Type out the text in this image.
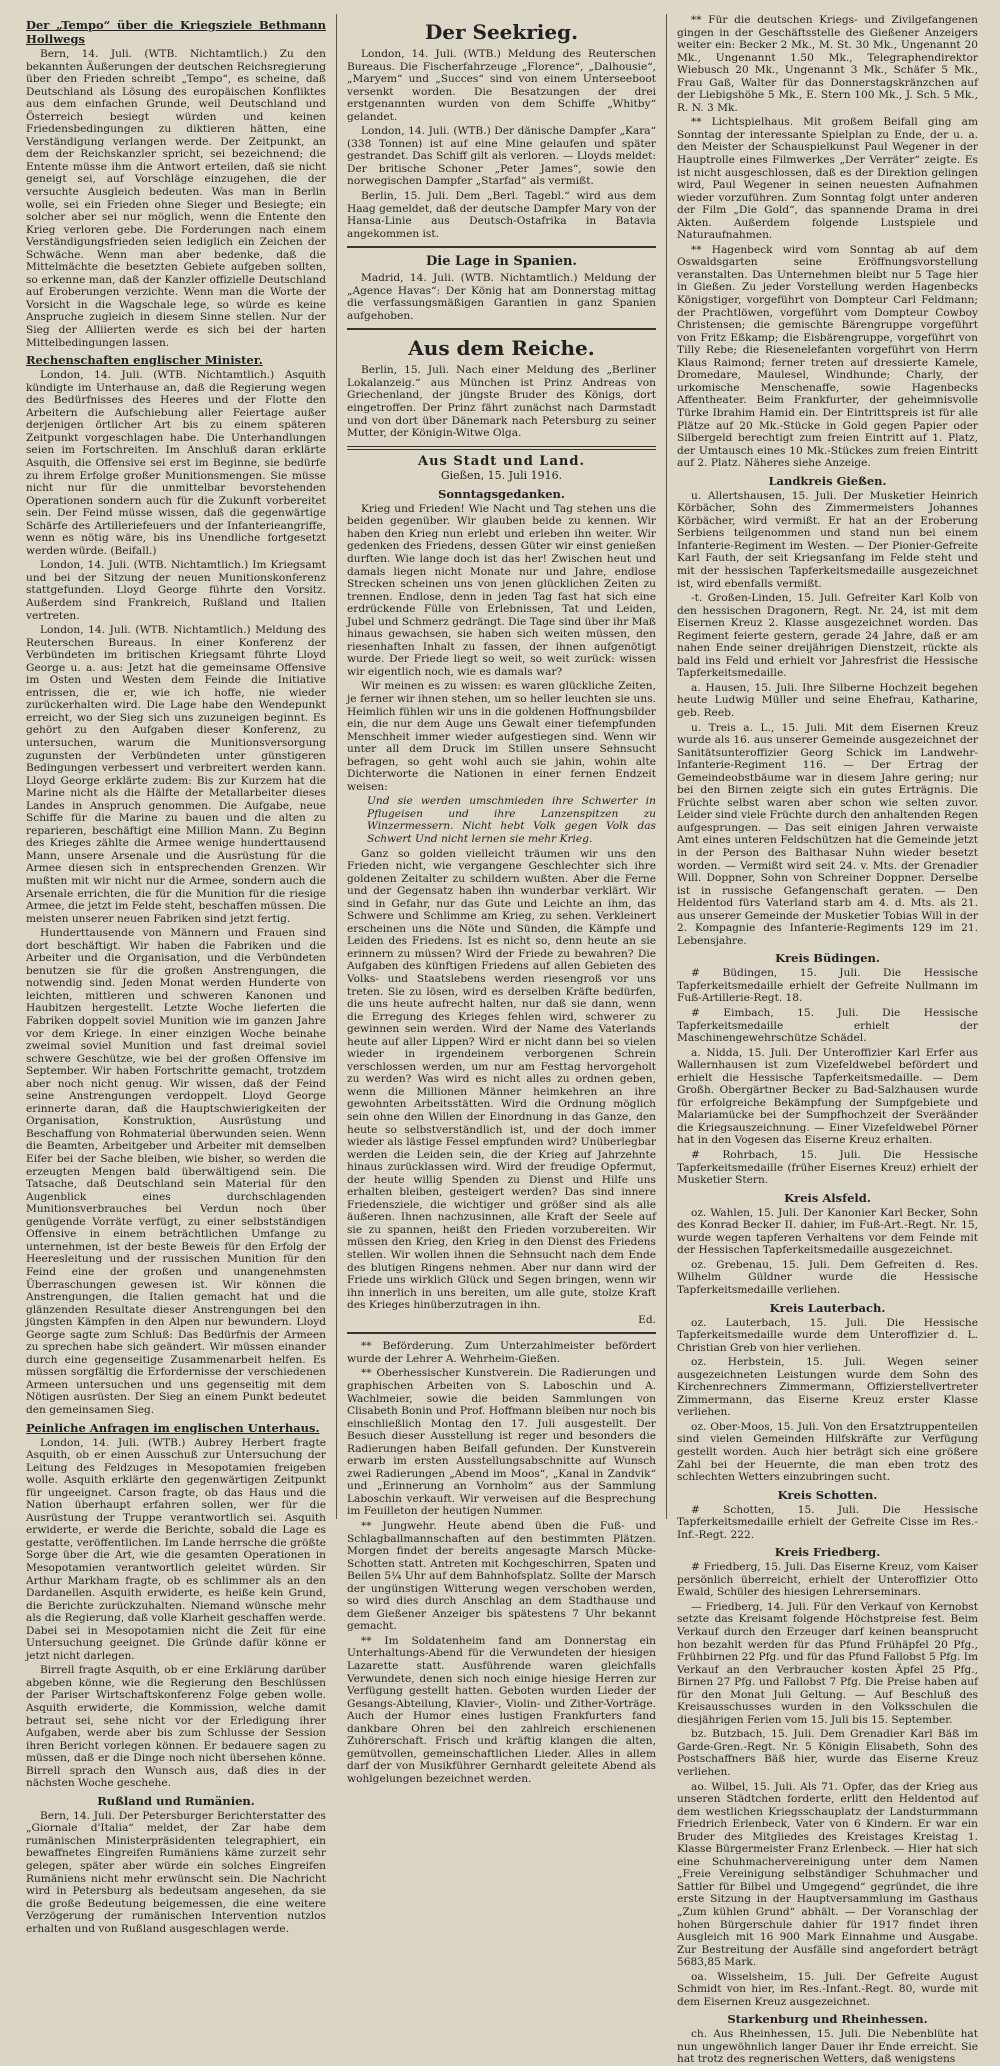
Der „Tempo“ über die Kriegsziele Bethmann Hollwegs

Bern, 14. Juli. (WTB. Nichtamtlich.) Zu den bekannten Äußerungen der deutschen Reichsregierung über den Frieden schreibt „Tempo“, es scheine, daß Deutschland als Lösung des europäischen Konfliktes aus dem einfachen Grunde, weil Deutschland und Österreich besiegt würden und keinen Friedensbedingungen zu diktieren hätten, eine Verständigung verlangen werde. Der Zeitpunkt, an dem der Reichskanzler spricht, sei bezeichnend; die Entente müsse ihm die Antwort erteilen, daß sie nicht geneigt sei, auf Vorschläge einzugehen, die der versuchte Ausgleich bedeuten. Was man in Berlin wolle, sei ein Frieden ohne Sieger und Besiegte; ein solcher aber sei nur möglich, wenn die Entente den Krieg verloren gebe. Die Forderungen nach einem Verständigungsfrieden seien lediglich ein Zeichen der Schwäche. Wenn man aber bedenke, daß die Mittelmächte die besetzten Gebiete aufgeben sollten, so erkenne man, daß der Kanzler offizielle Deutschland auf Eroberungen verzichte. Wenn man die Worte der Vorsicht in die Wagschale lege, so würde es keine Anspruche zugleich in diesem Sinne stellen. Nur der Sieg der Alliierten werde es sich bei der harten Mittelbedingungen lassen.

Rechenschaften englischer Minister.

London, 14. Juli. (WTB. Nichtamtlich.) Asquith kündigte im Unterhause an, daß die Regierung wegen des Bedürfnisses des Heeres und der Flotte den Arbeitern die Aufschiebung aller Feiertage außer derjenigen örtlicher Art bis zu einem späteren Zeitpunkt vorgeschlagen habe. Die Unterhandlungen seien im Fortschreiten. Im Anschluß daran erklärte Asquith, die Offensive sei erst im Beginne, sie bedürfe zu ihrem Erfolge großer Munitionsmengen. Sie müsse nicht nur für die unmittelbar bevorstehenden Operationen sondern auch für die Zukunft vorbereitet sein. Der Feind müsse wissen, daß die gegenwärtige Schärfe des Artilleriefeuers und der Infanterieangriffe, wenn es nötig wäre, bis ins Unendliche fortgesetzt werden würde. (Beifall.)

London, 14. Juli. (WTB. Nichtamtlich.) Im Kriegsamt und bei der Sitzung der neuen Munitionskonferenz stattgefunden. Lloyd George führte den Vorsitz. Außerdem sind Frankreich, Rußland und Italien vertreten.

London, 14. Juli. (WTB. Nichtamtlich.) Meldung des Reuterschen Bureaus. In einer Konferenz der Verbündeten im britischen Kriegsamt führte Lloyd George u. a. aus: Jetzt hat die gemeinsame Offensive im Osten und Westen dem Feinde die Initiative entrissen, die er, wie ich hoffe, nie wieder zurückerhalten wird. Die Lage habe den Wendepunkt erreicht, wo der Sieg sich uns zuzuneigen beginnt. Es gehört zu den Aufgaben dieser Konferenz, zu untersuchen, warum die Munitionsversorgung zugunsten der Verbündeten unter günstigeren Bedingungen verbessert und verbreitert werden kann. Lloyd George erklärte zudem: Bis zur Kurzem hat die Marine nicht als die Hälfte der Metallarbeiter dieses Landes in Anspruch genommen. Die Aufgabe, neue Schiffe für die Marine zu bauen und die alten zu reparieren, beschäftigt eine Million Mann. Zu Beginn des Krieges zählte die Armee wenige hunderttausend Mann, unsere Arsenale und die Ausrüstung für die Armee diesen sich in entsprechenden Grenzen. Wir mußten mit wir nicht nur die Armee, sondern auch die Arsenale errichten, die für die Munition für die riesige Armee, die jetzt im Felde steht, beschaffen müssen. Die meisten unserer neuen Fabriken sind jetzt fertig.

Hunderttausende von Männern und Frauen sind dort beschäftigt. Wir haben die Fabriken und die Arbeiter und die Organisation, und die Verbündeten benutzen sie für die großen Anstrengungen, die notwendig sind. Jeden Monat werden Hunderte von leichten, mittleren und schweren Kanonen und Haubitzen hergestellt. Letzte Woche lieferten die Fabriken doppelt soviel Munition wie im ganzen Jahre vor dem Kriege. In einer einzigen Woche beinahe zweimal soviel Munition und fast dreimal soviel schwere Geschütze, wie bei der großen Offensive im September. Wir haben Fortschritte gemacht, trotzdem aber noch nicht genug. Wir wissen, daß der Feind seine Anstrengungen verdoppelt. Lloyd George erinnerte daran, daß die Hauptschwierigkeiten der Organisation, Konstruktion, Ausrüstung und Beschaffung von Rohmaterial überwunden seien. Wenn die Beamten, Arbeitgeber und Arbeiter mit demselben Eifer bei der Sache bleiben, wie bisher, so werden die erzeugten Mengen bald überwältigend sein. Die Tatsache, daß Deutschland sein Material für den Augenblick eines durchschlagenden Munitionsverbrauches bei Verdun noch über genügende Vorräte verfügt, zu einer selbstständigen Offensive in einem beträchtlichen Umfange zu unternehmen, ist der beste Beweis für den Erfolg der Heeresleitung und der russischen Munition für den Feind eine der großen und unangenehmsten Überraschungen gewesen ist. Wir können die Anstrengungen, die Italien gemacht hat und die glänzenden Resultate dieser Anstrengungen bei den jüngsten Kämpfen in den Alpen nur bewundern. Lloyd George sagte zum Schluß: Das Bedürfnis der Armeen zu sprechen habe sich geändert. Wir müssen einander durch eine gegenseitige Zusammenarbeit helfen. Es müssen sorgfältig die Erfordernisse der verschiedenen Armeen untersuchen und uns gegenseitig mit dem Nötigen ausrüsten. Der Sieg an einem Punkt bedeutet den gemeinsamen Sieg.

Peinliche Anfragen im englischen Unterhaus.

London, 14. Juli. (WTB.) Aubrey Herbert fragte Asquith, ob er einen Ausschuß zur Untersuchung der Leitung des Feldzuges in Mesopotamien freigeben wolle. Asquith erklärte den gegenwärtigen Zeitpunkt für ungeeignet. Carson fragte, ob das Haus und die Nation überhaupt erfahren sollen, wer für die Ausrüstung der Truppe verantwortlich sei. Asquith erwiderte, er werde die Berichte, sobald die Lage es gestatte, veröffentlichen. Im Lande herrsche die größte Sorge über die Art, wie die gesamten Operationen in Mesopotamien verantwortlich geleitet würden. Sir Arthur Markham fragte, ob es schlimmer als an den Dardanellen. Asquith erwiderte, es heiße kein Grund, die Berichte zurückzuhalten. Niemand wünsche mehr als die Regierung, daß volle Klarheit geschaffen werde. Dabei sei in Mesopotamien nicht die Zeit für eine Untersuchung geeignet. Die Gründe dafür könne er jetzt nicht darlegen.

Birrell fragte Asquith, ob er eine Erklärung darüber abgeben könne, wie die Regierung den Beschlüssen der Pariser Wirtschaftskonferenz Folge geben wolle. Asquith erwiderte, die Kommission, welche damit betraut sei, sehe nicht vor der Erledigung ihrer Aufgaben, werde aber bis zum Schlusse der Session ihren Bericht vorlegen können. Er bedauere sagen zu müssen, daß er die Dinge noch nicht übersehen könne. Birrell sprach den Wunsch aus, daß dies in der nächsten Woche geschehe.

Rußland und Rumänien.

Bern, 14. Juli. Der Petersburger Berichterstatter des „Giornale d'Italia“ meldet, der Zar habe dem rumänischen Ministerpräsidenten telegraphiert, ein bewaffnetes Eingreifen Rumäniens käme zurzeit sehr gelegen, später aber würde ein solches Eingreifen Rumäniens nicht mehr erwünscht sein. Die Nachricht wird in Petersburg als bedeutsam angesehen, da sie die große Bedeutung beigemessen, die eine weitere Verzögerung der rumänischen Intervention nutzlos erhalten und von Rußland ausgeschlagen werde.

Der Seekrieg.

London, 14. Juli. (WTB.) Meldung des Reuterschen Bureaus. Die Fischerfahrzeuge „Florence“, „Dalhousie“, „Maryem“ und „Succes“ sind von einem Unterseeboot versenkt worden. Die Besatzungen der drei erstgenannten wurden von dem Schiffe „Whitby“ gelandet.

London, 14. Juli. (WTB.) Der dänische Dampfer „Kara“ (338 Tonnen) ist auf eine Mine gelaufen und später gestrandet. Das Schiff gilt als verloren. — Lloyds meldet: Der britische Schoner „Peter James“, sowie den norwegischen Dampfer „Starfad“ als vermißt.

Berlin, 15. Juli. Dem „Berl. Tagebl.“ wird aus dem Haag gemeldet, daß der deutsche Dampfer Mary von der Hansa-Linie aus Deutsch-Ostafrika in Batavia angekommen ist.

Die Lage in Spanien.

Madrid, 14. Juli. (WTB. Nichtamtlich.) Meldung der „Agence Havas“: Der König hat am Donnerstag mittag die verfassungsmäßigen Garantien in ganz Spanien aufgehoben.

Aus dem Reiche.

Berlin, 15. Juli. Nach einer Meldung des „Berliner Lokalanzeig.“ aus München ist Prinz Andreas von Griechenland, der jüngste Bruder des Königs, dort eingetroffen. Der Prinz fährt zunächst nach Darmstadt und von dort über Dänemark nach Petersburg zu seiner Mutter, der Königin-Witwe Olga.

Aus Stadt und Land.
Gießen, 15. Juli 1916.
Sonntagsgedanken.

Krieg und Frieden! Wie Nacht und Tag stehen uns die beiden gegenüber. Wir glauben beide zu kennen. Wir haben den Krieg nun erlebt und erleben ihn weiter. Wir gedenken des Friedens, dessen Güter wir einst genießen durften. Wie lange doch ist das her! Zwischen heut und damals liegen nicht Monate nur und Jahre, endlose Strecken scheinen uns von jenen glücklichen Zeiten zu trennen. Endlose, denn in jeden Tag fast hat sich eine erdrückende Fülle von Erlebnissen, Tat und Leiden, Jubel und Schmerz gedrängt. Die Tage sind über ihr Maß hinaus gewachsen, sie haben sich weiten müssen, den riesenhaften Inhalt zu fassen, der ihnen aufgenötigt wurde. Der Friede liegt so weit, so weit zurück: wissen wir eigentlich noch, wie es damals war?

Wir meinen es zu wissen: es waren glückliche Zeiten, je ferner wir ihnen stehen, um so heller leuchten sie uns. Heimlich fühlen wir uns in die goldenen Hoffnungsbilder ein, die nur dem Auge uns Gewalt einer tiefempfunden Menschheit immer wieder aufgestiegen sind. Wenn wir unter all dem Druck im Stillen unsere Sehnsucht befragen, so geht wohl auch sie jahin, wohin alte Dichterworte die Nationen in einer fernen Endzeit weisen:

Und sie werden umschmieden ihre Schwerter in Pflugeisen und ihre Lanzenspitzen zu Winzermessern. Nicht hebt Volk gegen Volk das Schwert Und nicht lernen sie mehr Krieg.

Ganz so golden vielleicht träumen wir uns den Frieden nicht, wie vergangene Geschlechter sich ihre goldenen Zeitalter zu schildern wußten. Aber die Ferne und der Gegensatz haben ihn wunderbar verklärt. Wir sind in Gefahr, nur das Gute und Leichte an ihm, das Schwere und Schlimme am Krieg, zu sehen. Verkleinert erscheinen uns die Nöte und Sünden, die Kämpfe und Leiden des Friedens. Ist es nicht so, denn heute an sie erinnern zu müssen? Wird der Friede zu bewahren? Die Aufgaben des künftigen Friedens auf allen Gebieten des Volks- und Staatslebens werden riesengroß vor uns treten. Sie zu lösen, wird es derselben Kräfte bedürfen, die uns heute aufrecht halten, nur daß sie dann, wenn die Erregung des Krieges fehlen wird, schwerer zu gewinnen sein werden. Wird der Name des Vaterlands heute auf aller Lippen? Wird er nicht dann bei so vielen wieder in irgendeinem verborgenen Schrein verschlossen werden, um nur am Festtag hervorgeholt zu werden? Was wird es nicht alles zu ordnen geben, wenn die Millionen Männer heimkehren an ihre gewohnten Arbeitsstätten. Wird die Ordnung möglich sein ohne den Willen der Einordnung in das Ganze, den heute so selbstverständlich ist, und der doch immer wieder als lästige Fessel empfunden wird? Unüberlegbar werden die Leiden sein, die der Krieg auf Jahrzehnte hinaus zurücklassen wird. Wird der freudige Opfermut, der heute willig Spenden zu Dienst und Hilfe uns erhalten bleiben, gesteigert werden? Das sind innere Friedensziele, die wichtiger und größer sind als alle äußeren. Ihnen nachzusinnen, alle Kraft der Seele auf sie zu spannen, heißt den Frieden vorzubereiten. Wir müssen den Krieg, den Krieg in den Dienst des Friedens stellen. Wir wollen ihnen die Sehnsucht nach dem Ende des blutigen Ringens nehmen. Aber nur dann wird der Friede uns wirklich Glück und Segen bringen, wenn wir ihn innerlich in uns bereiten, um alle gute, stolze Kraft des Krieges hinüberzutragen in ihn.

Ed.

** Beförderung. Zum Unterzahlmeister befördert wurde der Lehrer A. Wehrheim-Gießen.

** Oberhessischer Kunstverein. Die Radierungen und graphischen Arbeiten von S. Laboschin und A. Wachlmeier, sowie die beiden Sammlungen von Clisabeth Bonin und Prof. Hoffmann bleiben nur noch bis einschließlich Montag den 17. Juli ausgestellt. Der Besuch dieser Ausstellung ist reger und besonders die Radierungen haben Beifall gefunden. Der Kunstverein erwarb im ersten Ausstellungsabschnitte auf Wunsch zwei Radierungen „Abend im Moos“, „Kanal in Zandvik“ und „Erinnerung an Vornholm“ aus der Sammlung Laboschin verkauft. Wir verweisen auf die Besprechung im Feuilleton der heutigen Nummer.

** Jungwehr. Heute abend üben die Fuß- und Schlagballmannschaften auf den bestimmten Plätzen. Morgen findet der bereits angesagte Marsch Mücke-Schotten statt. Antreten mit Kochgeschirren, Spaten und Beilen 5¼ Uhr auf dem Bahnhofsplatz. Sollte der Marsch der ungünstigen Witterung wegen verschoben werden, so wird dies durch Anschlag an dem Stadthause und dem Gießener Anzeiger bis spätestens 7 Uhr bekannt gemacht.

** Im Soldatenheim fand am Donnerstag ein Unterhaltungs-Abend für die Verwundeten der hiesigen Lazarette statt. Ausführende waren gleichfalls Verwundete, denen sich noch einige hiesige Herren zur Verfügung gestellt hatten. Geboten wurden Lieder der Gesangs-Abteilung, Klavier-, Violin- und Zither-Vorträge. Auch der Humor eines lustigen Frankfurters fand dankbare Ohren bei den zahlreich erschienenen Zuhörerschaft. Frisch und kräftig klangen die alten, gemütvollen, gemeinschaftlichen Lieder. Alles in allem darf der von Musikführer Gernhardt geleitete Abend als wohlgelungen bezeichnet werden.

** Für die deutschen Kriegs- und Zivilgefangenen gingen in der Geschäftsstelle des Gießener Anzeigers weiter ein: Becker 2 Mk., M. St. 30 Mk., Ungenannt 20 Mk., Ungenannt 1.50 Mk., Telegraphendirektor Wiebusch 20 Mk., Ungenannt 3 Mk., Schäfer 5 Mk., Frau Gaß, Walter für das Donnerstagskränzchen auf der Liebigshöhe 5 Mk., E. Stern 100 Mk., J. Sch. 5 Mk., R. N. 3 Mk.

** Lichtspielhaus. Mit großem Beifall ging am Sonntag der interessante Spielplan zu Ende, der u. a. den Meister der Schauspielkunst Paul Wegener in der Hauptrolle eines Filmwerkes „Der Verräter“ zeigte. Es ist nicht ausgeschlossen, daß es der Direktion gelingen wird, Paul Wegener in seinen neuesten Aufnahmen wieder vorzuführen. Zum Sonntag folgt unter anderen der Film „Die Gold“, das spannende Drama in drei Akten. Außerdem folgende Lustspiele und Naturaufnahmen.

** Hagenbeck wird vom Sonntag ab auf dem Oswaldsgarten seine Eröffnungsvorstellung veranstalten. Das Unternehmen bleibt nur 5 Tage hier in Gießen. Zu jeder Vorstellung werden Hagenbecks Königstiger, vorgeführt von Dompteur Carl Feldmann; der Prachtlöwen, vorgeführt vom Dompteur Cowboy Christensen; die gemischte Bärengruppe vorgeführt von Fritz Eßkamp; die Eisbärengruppe, vorgeführt von Tilly Rebe; die Riesenelefanten vorgeführt von Herrn Klaus Raimond; ferner treten auf dressierte Kamele, Dromedare, Maulesel, Windhunde; Charly, der urkomische Menschenaffe, sowie Hagenbecks Affentheater. Beim Frankfurter, der geheimnisvolle Türke Ibrahim Hamid ein. Der Eintrittspreis ist für alle Plätze auf 20 Mk.-Stücke in Gold gegen Papier oder Silbergeld berechtigt zum freien Eintritt auf 1. Platz, der Umtausch eines 10 Mk.-Stückes zum freien Eintritt auf 2. Platz. Näheres siehe Anzeige.

Landkreis Gießen.

u. Allertshausen, 15. Juli. Der Musketier Heinrich Körbächer, Sohn des Zimmermeisters Johannes Körbächer, wird vermißt. Er hat an der Eroberung Serbiens teilgenommen und stand nun bei einem Infanterie-Regiment im Westen. — Der Pionier-Gefreite Karl Fauth, der seit Kriegsanfang im Felde steht und mit der hessischen Tapferkeitsmedaille ausgezeichnet ist, wird ebenfalls vermißt.

-t. Großen-Linden, 15. Juli. Gefreiter Karl Kolb von den hessischen Dragonern, Regt. Nr. 24, ist mit dem Eisernen Kreuz 2. Klasse ausgezeichnet worden. Das Regiment feierte gestern, gerade 24 Jahre, daß er am nahen Ende seiner dreijährigen Dienstzeit, rückte als bald ins Feld und erhielt vor Jahresfrist die Hessische Tapferkeitsmedaille.

a. Hausen, 15. Juli. Ihre Silberne Hochzeit begehen heute Ludwig Müller und seine Ehefrau, Katharine, geb. Reeb.

u. Treis a. L., 15. Juli. Mit dem Eisernen Kreuz wurde als 16. aus unserer Gemeinde ausgezeichnet der Sanitätsunteroffizier Georg Schick im Landwehr-Infanterie-Regiment 116. — Der Ertrag der Gemeindeobstbäume war in diesem Jahre gering; nur bei den Birnen zeigte sich ein gutes Erträgnis. Die Früchte selbst waren aber schon wie selten zuvor. Leider sind viele Früchte durch den anhaltenden Regen aufgesprungen. — Das seit einigen Jahren verwaiste Amt eines unteren Feldschützen hat die Gemeinde jetzt in der Person des Balthasar Nuhn wieder besetzt worden. — Vermißt wird seit 24. v. Mts. der Grenadier Will. Doppner, Sohn von Schreiner Doppner. Derselbe ist in russische Gefangenschaft geraten. — Den Heldentod fürs Vaterland starb am 4. d. Mts. als 21. aus unserer Gemeinde der Musketier Tobias Will in der 2. Kompagnie des Infanterie-Regiments 129 im 21. Lebensjahre.

Kreis Büdingen.

# Büdingen, 15. Juli. Die Hessische Tapferkeitsmedaille erhielt der Gefreite Nullmann im Fuß-Artillerie-Regt. 18.

# Eimbach, 15. Juli. Die Hessische Tapferkeitsmedaille erhielt der Maschinengewehrschütze Schädel.

a. Nidda, 15. Juli. Der Unteroffizier Karl Erfer aus Wallernhausen ist zum Vizefeldwebel befördert und erhielt die Hessische Tapferkeitsmedaille. — Dem Großh. Obergärtner Becker zu Bad-Salzhausen wurde für erfolgreiche Bekämpfung der Sumpfgebiete und Malariamücke bei der Sumpfhochzeit der Sveräänder die Kriegsauszeichnung. — Einer Vizefeldwebel Pörner hat in den Vogesen das Eiserne Kreuz erhalten.

# Rohrbach, 15. Juli. Die Hessische Tapferkeitsmedaille (früher Eisernes Kreuz) erhielt der Musketier Stern.

Kreis Alsfeld.

oz. Wahlen, 15. Juli. Der Kanonier Karl Becker, Sohn des Konrad Becker II. dahier, im Fuß-Art.-Regt. Nr. 15, wurde wegen tapferen Verhaltens vor dem Feinde mit der Hessischen Tapferkeitsmedaille ausgezeichnet.

oz. Grebenau, 15. Juli. Dem Gefreiten d. Res. Wilhelm Güldner wurde die Hessische Tapferkeitsmedaille verliehen.

Kreis Lauterbach.

oz. Lauterbach, 15. Juli. Die Hessische Tapferkeitsmedaille wurde dem Unteroffizier d. L. Christian Greb von hier verliehen.

oz. Herbstein, 15. Juli. Wegen seiner ausgezeichneten Leistungen wurde dem Sohn des Kirchenrechners Zimmermann, Offizierstellvertreter Zimmermann, das Eiserne Kreuz erster Klasse verliehen.

oz. Ober-Moos, 15. Juli. Von den Ersatztruppenteilen sind vielen Gemeinden Hilfskräfte zur Verfügung gestellt worden. Auch hier beträgt sich eine größere Zahl bei der Heuernte, die man eben trotz des schlechten Wetters einzubringen sucht.

Kreis Schotten.

# Schotten, 15. Juli. Die Hessische Tapferkeitsmedaille erhielt der Gefreite Cisse im Res.-Inf.-Regt. 222.

Kreis Friedberg.

# Friedberg, 15. Juli. Das Eiserne Kreuz, vom Kaiser persönlich überreicht, erhielt der Unteroffizier Otto Ewald, Schüler des hiesigen Lehrerseminars.

— Friedberg, 14. Juli. Für den Verkauf von Kernobst setzte das Kreisamt folgende Höchstpreise fest. Beim Verkauf durch den Erzeuger darf keinen beansprucht hon bezahlt werden für das Pfund Frühäpfel 20 Pfg., Frühbirnen 22 Pfg. und für das Pfund Fallobst 5 Pfg. Im Verkauf an den Verbraucher kosten Äpfel 25 Pfg., Birnen 27 Pfg. und Fallobst 7 Pfg. Die Preise haben auf für den Monat Juli Geltung. — Auf Beschluß des Kreisausschusses wurden in den Volksschulen die diesjährigen Ferien vom 15. Juli bis 15. September.

bz. Butzbach, 15. Juli. Dem Grenadier Karl Bäß im Garde-Gren.-Regt. Nr. 5 Königin Elisabeth, Sohn des Postschaffners Bäß hier, wurde das Eiserne Kreuz verliehen.

ao. Wilbel, 15. Juli. Als 71. Opfer, das der Krieg aus unseren Städtchen forderte, erlitt den Heldentod auf dem westlichen Kriegsschauplatz der Landsturmmann Friedrich Erlenbeck, Vater von 6 Kindern. Er war ein Bruder des Mitgliedes des Kreistages Kreistag 1. Klasse Bürgermeister Franz Erlenbeck. — Hier hat sich eine Schuhmachervereinigung unter dem Namen „Freie Vereinigung selbständiger Schuhmacher und Sattler für Bilbel und Umgegend“ gegründet, die ihre erste Sitzung in der Hauptversammlung im Gasthaus „Zum kühlen Grund“ abhält. — Der Voranschlag der hohen Bürgerschule dahier für 1917 findet ihren Ausgleich mit 16 900 Mark Einnahme und Ausgabe. Zur Bestreitung der Ausfälle sind angefordert beträgt 5683,85 Mark.

oa. Wisselsheim, 15. Juli. Der Gefreite August Schmidt von hier, im Res.-Infant.-Regt. 80, wurde mit dem Eisernen Kreuz ausgezeichnet.

Starkenburg und Rheinhessen.

ch. Aus Rheinhessen, 15. Juli. Die Nebenblüte hat nun ungewöhnlich langer Dauer ihr Ende erreicht. Sie hat trotz des regnerischen Wetters, daß wenigstens
